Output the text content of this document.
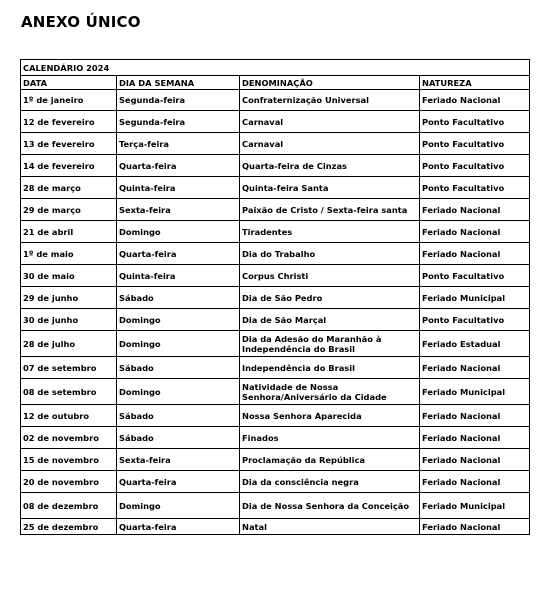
ANEXO ÚNICO
CALENDÁRIO 2024			
DATA	DIA DA SEMANA	DENOMINAÇÃO	NATUREZA
1º de janeiro	Segunda-feira	Confraternização Universal	Feriado Nacional
12 de fevereiro	Segunda-feira	Carnaval	Ponto Facultativo
13 de fevereiro	Terça-feira	Carnaval	Ponto Facultativo
14 de fevereiro	Quarta-feira	Quarta-feira de Cinzas	Ponto Facultativo
28 de março	Quinta-feira	Quinta-feira Santa	Ponto Facultativo
29 de março	Sexta-feira	Paixão de Cristo / Sexta-feira santa	Feriado Nacional
21 de abril	Domingo	Tiradentes	Feriado Nacional
1º de maio	Quarta-feira	Dia do Trabalho	Feriado Nacional
30 de maio	Quinta-feira	Corpus Christi	Ponto Facultativo
29 de junho	Sábado	Dia de São Pedro	Feriado Municipal
30 de junho	Domingo	Dia de São Marçal	Ponto Facultativo
28 de julho	Domingo	Dia da Adesão do Maranhão à Independência do Brasil	Feriado Estadual
07 de setembro	Sábado	Independência do Brasil	Feriado Nacional
08 de setembro	Domingo	Natividade de Nossa Senhora/Aniversário da Cidade	Feriado Municipal
12 de outubro	Sábado	Nossa Senhora Aparecida	Feriado Nacional
02 de novembro	Sábado	Finados	Feriado Nacional
15 de novembro	Sexta-feira	Proclamação da República	Feriado Nacional
20 de novembro	Quarta-feira	Dia da consciência negra	Feriado Nacional
08 de dezembro	Domingo	Dia de Nossa Senhora da Conceição	Feriado Municipal
25 de dezembro	Quarta-feira	Natal	Feriado Nacional
